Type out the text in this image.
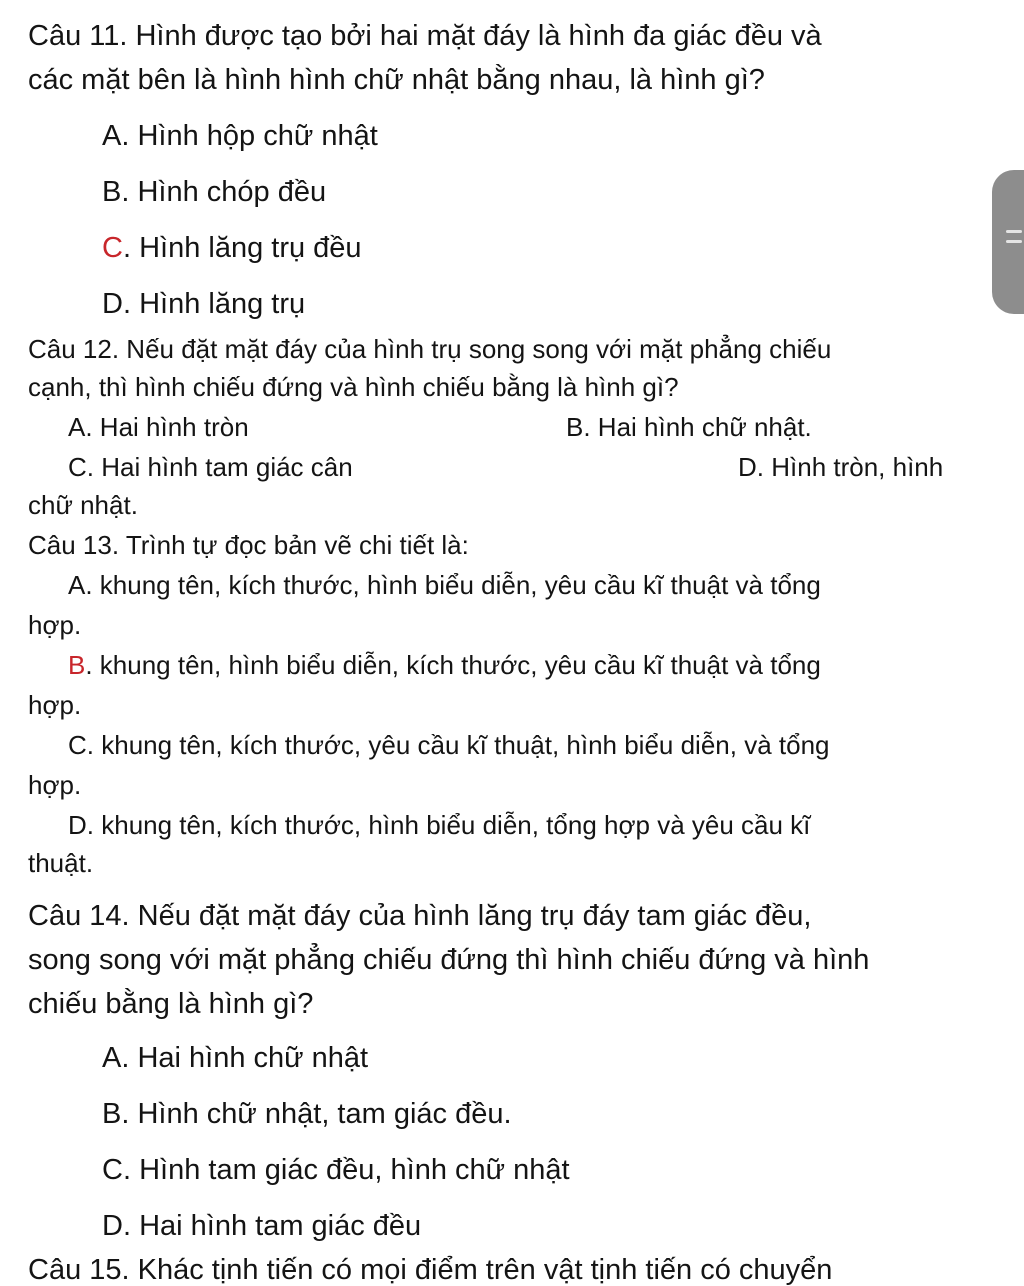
Câu 11. Hình được tạo bởi hai mặt đáy là hình đa giác đều và
các mặt bên là hình hình chữ nhật bằng nhau, là hình gì?
A. Hình hộp chữ nhật
B. Hình chóp đều
C. Hình lăng trụ đều
D. Hình lăng trụ
Câu 12. Nếu đặt mặt đáy của hình trụ song song với mặt phẳng chiếu
cạnh, thì hình chiếu đứng và hình chiếu bằng là hình gì?
A. Hai hình tròn	B. Hai hình chữ nhật.
C. Hai hình tam giác cân	D. Hình tròn, hình
chữ nhật.
Câu 13. Trình tự đọc bản vẽ chi tiết là:
A. khung tên, kích thước, hình biểu diễn, yêu cầu kĩ thuật và tổng
hợp.
B. khung tên, hình biểu diễn, kích thước, yêu cầu kĩ thuật và tổng
hợp.
C. khung tên, kích thước, yêu cầu kĩ thuật, hình biểu diễn, và tổng
hợp.
D. khung tên, kích thước, hình biểu diễn, tổng hợp và yêu cầu kĩ
thuật.
Câu 14. Nếu đặt mặt đáy của hình lăng trụ đáy tam giác đều,
song song với mặt phẳng chiếu đứng thì hình chiếu đứng và hình
chiếu bằng là hình gì?
A. Hai hình chữ nhật
B. Hình chữ nhật, tam giác đều.
C. Hình tam giác đều, hình chữ nhật
D. Hai hình tam giác đều
Câu 15. Khác tịnh tiến có mọi điểm trên vật tịnh tiến có chuyển
